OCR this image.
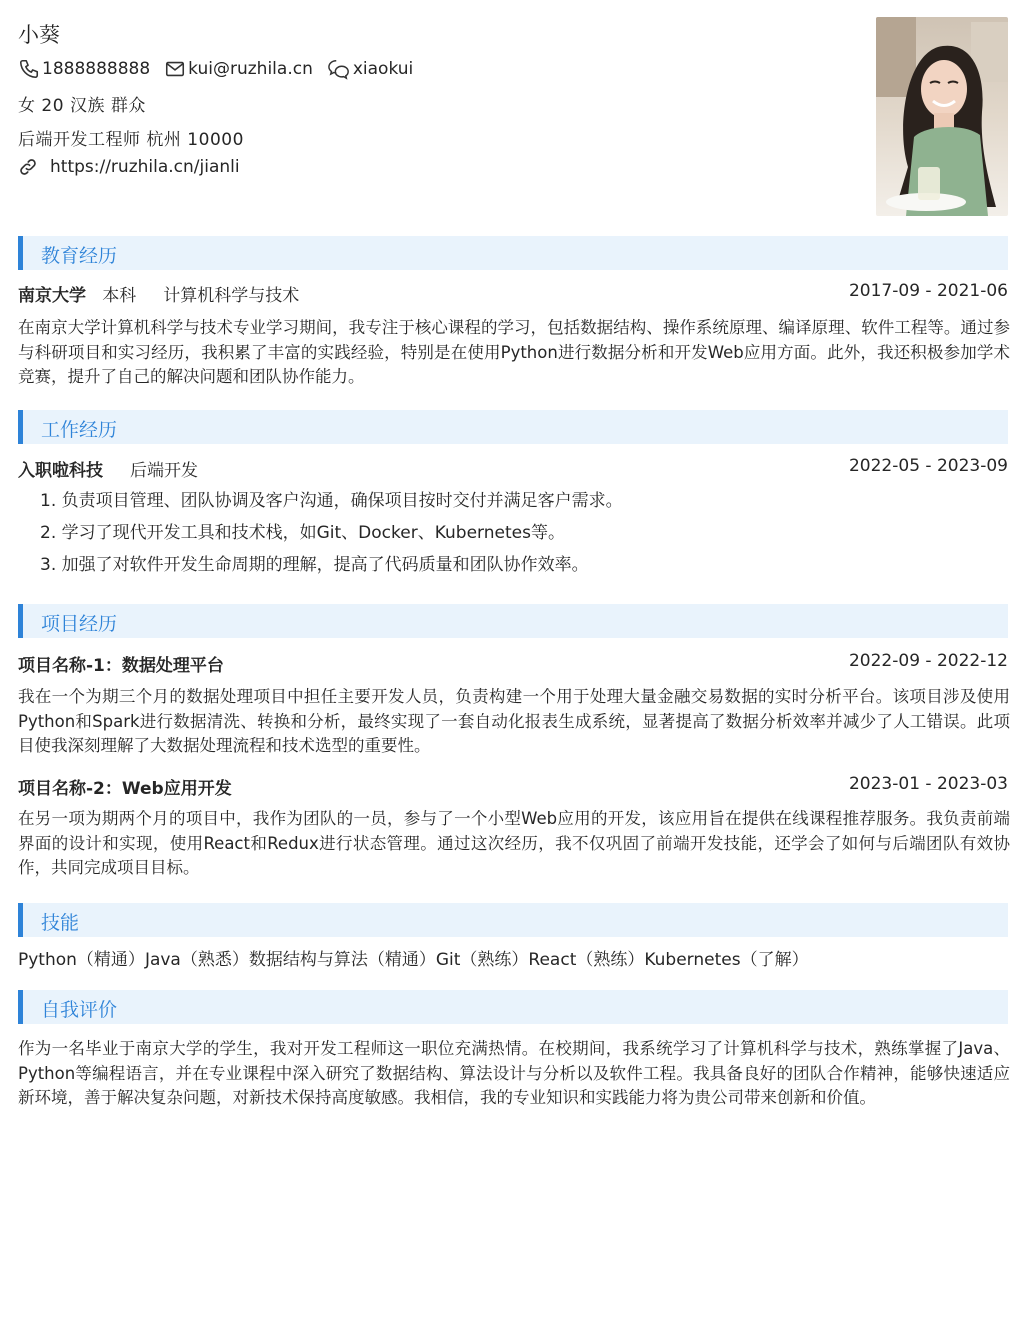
小葵
1888888888 kui@ruzhila.cn xiaokui
女 20 汉族 群众
后端开发工程师 杭州 10000
https://ruzhila.cn/jianli
教育经历
南京大学 本科 计算机科学与技术	2017-09 - 2021-06
在南京大学计算机科学与技术专业学习期间，我专注于核心课程的学习，包括数据结构、操作系统原理、编译原理、软件工程等。通过参与科研项目和实习经历，我积累了丰富的实践经验，特别是在使用Python进行数据分析和开发Web应用方面。此外，我还积极参加学术竞赛，提升了自己的解决问题和团队协作能力。
工作经历
入职啦科技 后端开发	2022-05 - 2023-09
1. 负责项目管理、团队协调及客户沟通，确保项目按时交付并满足客户需求。
2. 学习了现代开发工具和技术栈，如Git、Docker、Kubernetes等。
3. 加强了对软件开发生命周期的理解，提高了代码质量和团队协作效率。
项目经历
项目名称-1：数据处理平台	2022-09 - 2022-12
我在一个为期三个月的数据处理项目中担任主要开发人员，负责构建一个用于处理大量金融交易数据的实时分析平台。该项目涉及使用Python和Spark进行数据清洗、转换和分析，最终实现了一套自动化报表生成系统，显著提高了数据分析效率并减少了人工错误。此项目使我深刻理解了大数据处理流程和技术选型的重要性。
项目名称-2：Web应用开发	2023-01 - 2023-03
在另一项为期两个月的项目中，我作为团队的一员，参与了一个小型Web应用的开发，该应用旨在提供在线课程推荐服务。我负责前端界面的设计和实现，使用React和Redux进行状态管理。通过这次经历，我不仅巩固了前端开发技能，还学会了如何与后端团队有效协作，共同完成项目目标。
技能
Python（精通）Java（熟悉）数据结构与算法（精通）Git（熟练）React（熟练）Kubernetes（了解）
自我评价
作为一名毕业于南京大学的学生，我对开发工程师这一职位充满热情。在校期间，我系统学习了计算机科学与技术，熟练掌握了Java、Python等编程语言，并在专业课程中深入研究了数据结构、算法设计与分析以及软件工程。我具备良好的团队合作精神，能够快速适应新环境，善于解决复杂问题，对新技术保持高度敏感。我相信，我的专业知识和实践能力将为贵公司带来创新和价值。
